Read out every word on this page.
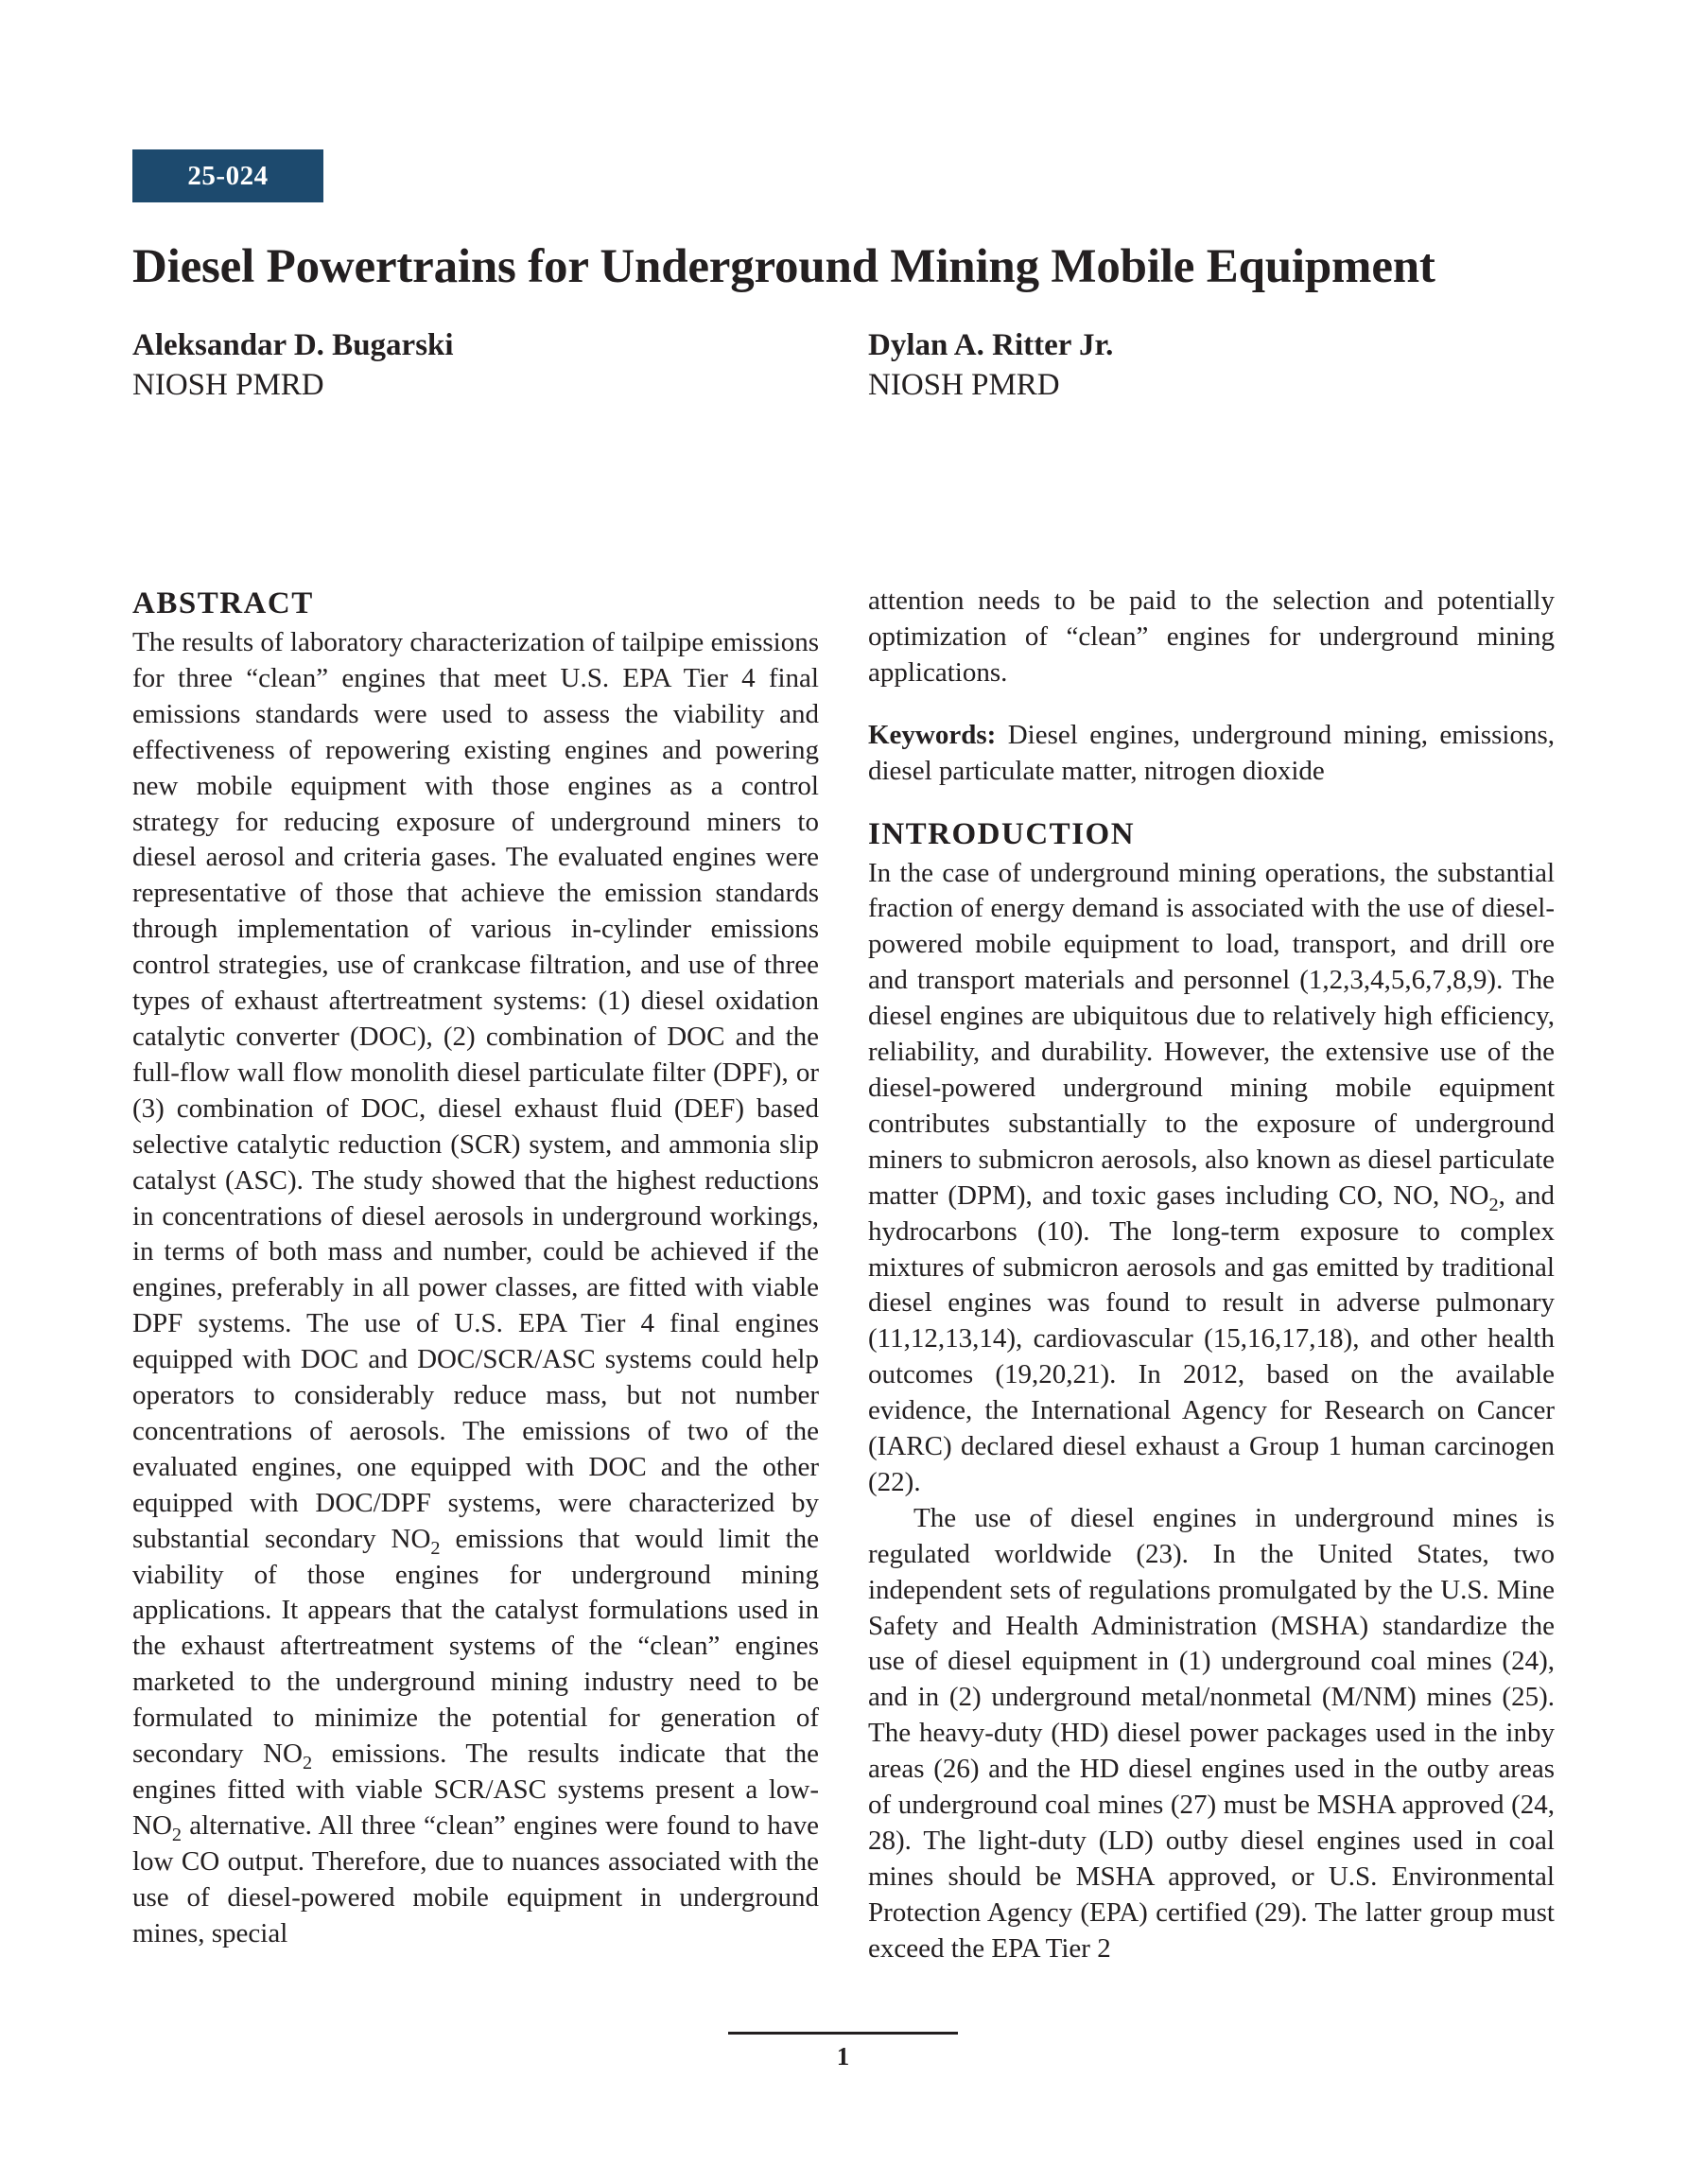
25-024
Diesel Powertrains for Underground Mining Mobile Equipment
Aleksandar D. Bugarski
NIOSH PMRD
Dylan A. Ritter Jr.
NIOSH PMRD
ABSTRACT

The results of laboratory characterization of tailpipe emissions for three “clean” engines that meet U.S. EPA Tier 4 final emissions standards were used to assess the viability and effectiveness of repowering existing engines and powering new mobile equipment with those engines as a control strategy for reducing exposure of underground miners to diesel aerosol and criteria gases. The evaluated engines were representative of those that achieve the emission standards through implementation of various in-cylinder emissions control strategies, use of crankcase filtration, and use of three types of exhaust aftertreatment systems: (1) diesel oxidation catalytic converter (DOC), (2) combination of DOC and the full-flow wall flow monolith diesel particulate filter (DPF), or (3) combination of DOC, diesel exhaust fluid (DEF) based selective catalytic reduction (SCR) system, and ammonia slip catalyst (ASC). The study showed that the highest reductions in concentrations of diesel aerosols in underground workings, in terms of both mass and number, could be achieved if the engines, preferably in all power classes, are fitted with viable DPF systems. The use of U.S. EPA Tier 4 final engines equipped with DOC and DOC/SCR/ASC systems could help operators to considerably reduce mass, but not number concentrations of aerosols. The emissions of two of the evaluated engines, one equipped with DOC and the other equipped with DOC/DPF systems, were characterized by substantial secondary $NO_2$ emissions that would limit the viability of those engines for underground mining applications. It appears that the catalyst formulations used in the exhaust aftertreatment systems of the “clean” engines marketed to the underground mining industry need to be formulated to minimize the potential for generation of secondary $NO_2$ emissions. The results indicate that the engines fitted with viable SCR/ASC systems present a low-$NO_2$ alternative. All three “clean” engines were found to have low CO output. Therefore, due to nuances associated with the use of diesel-powered mobile equipment in underground mines, special

attention needs to be paid to the selection and potentially optimization of “clean” engines for underground mining applications.

Keywords: Diesel engines, underground mining, emissions, diesel particulate matter, nitrogen dioxide

INTRODUCTION

In the case of underground mining operations, the substantial fraction of energy demand is associated with the use of diesel-powered mobile equipment to load, transport, and drill ore and transport materials and personnel (1,2,3,4,5,6,7,8,9). The diesel engines are ubiquitous due to relatively high efficiency, reliability, and durability. However, the extensive use of the diesel-powered underground mining mobile equipment contributes substantially to the exposure of underground miners to submicron aerosols, also known as diesel particulate matter (DPM), and toxic gases including CO, NO, $NO_2$, and hydrocarbons (10). The long-term exposure to complex mixtures of submicron aerosols and gas emitted by traditional diesel engines was found to result in adverse pulmonary (11,12,13,14), cardiovascular (15,16,17,18), and other health outcomes (19,20,21). In 2012, based on the available evidence, the International Agency for Research on Cancer (IARC) declared diesel exhaust a Group 1 human carcinogen (22).

The use of diesel engines in underground mines is regulated worldwide (23). In the United States, two independent sets of regulations promulgated by the U.S. Mine Safety and Health Administration (MSHA) standardize the use of diesel equipment in (1) underground coal mines (24), and in (2) underground metal/nonmetal (M/NM) mines (25). The heavy-duty (HD) diesel power packages used in the inby areas (26) and the HD diesel engines used in the outby areas of underground coal mines (27) must be MSHA approved (24, 28). The light-duty (LD) outby diesel engines used in coal mines should be MSHA approved, or U.S. Environmental Protection Agency (EPA) certified (29). The latter group must exceed the EPA Tier 2

1
